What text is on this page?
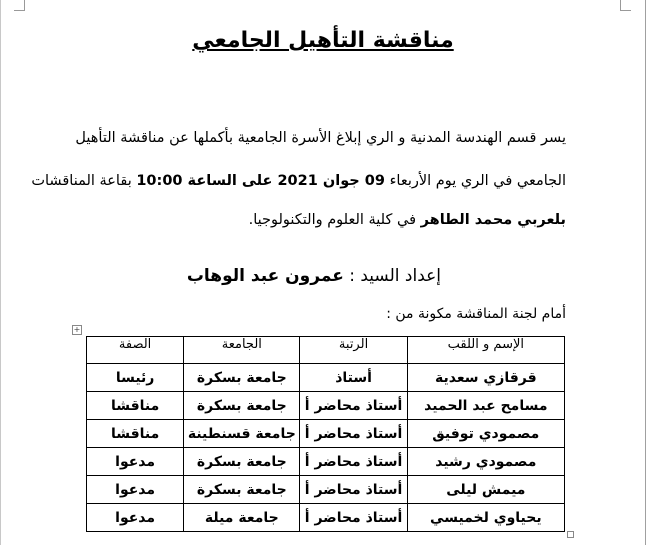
مناقشة التأهيل الجامعي
يسر قسم الهندسة المدنية و الري إبلاغ الأسرة الجامعية بأكملها عن مناقشة التأهيل
الجامعي في الري يوم الأربعاء 09 جوان 2021 على الساعة 10:00 بقاعة المناقشات
بلعربي محمد الطاهر في كلية العلوم والتكنولوجيا.
إعداد السيد : عمرون عبد الوهاب
أمام لجنة المناقشة مكونة من :
+
الإسم و اللقب	الرتبة	الجامعة	الصفة
قرقازي سعدية	أستاذ	جامعة بسكرة	رئيسا
مسامح عبد الحميد	أستاذ محاضر أ	جامعة بسكرة	مناقشا
مصمودي توفيق	أستاذ محاضر أ	جامعة قسنطينة	مناقشا
مصمودي رشيد	أستاذ محاضر أ	جامعة بسكرة	مدعوا
ميمش ليلى	أستاذ محاضر أ	جامعة بسكرة	مدعوا
يحياوي لخميسي	أستاذ محاضر أ	جامعة ميلة	مدعوا
